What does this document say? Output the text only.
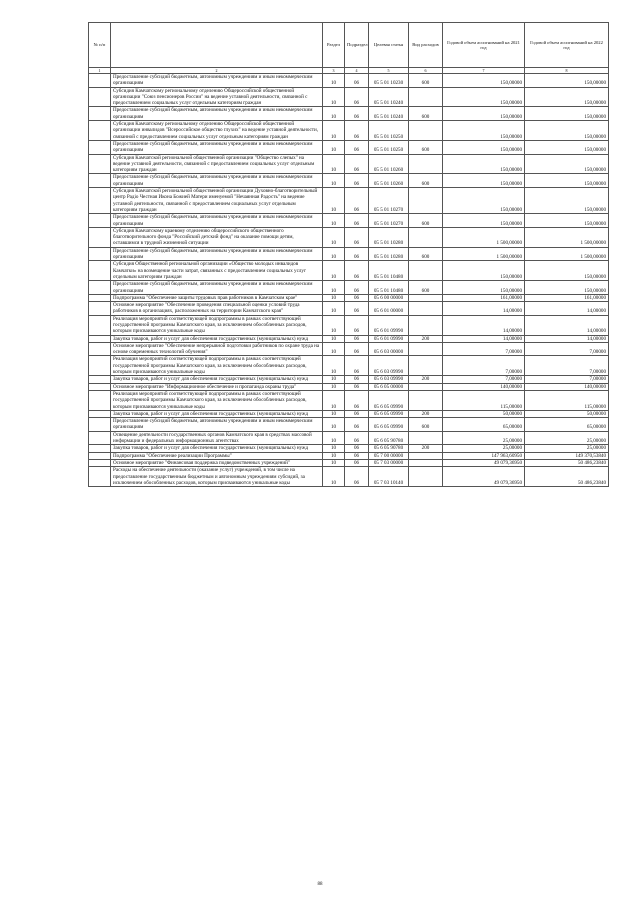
№ п/п		Раздел	Подраздел	Целевая статья	Вид расходов	Годовой объем ассигнований на 2021 год	Годовой объем ассигнований на 2022 год
1	2	3	4	5	6	7	8
	Предоставление субсидий бюджетным, автономным учреждениям и иным некоммерческим организациям	10	06	05 5 01 10230	600	150,00000	150,00000
	Субсидия Камчатскому региональному отделению Общероссийской общественной организации "Союз пенсионеров России" на ведение уставной деятельности, связанной с предоставлением социальных услуг отдельным категориям граждан	10	06	05 5 01 10240		150,00000	150,00000
	Предоставление субсидий бюджетным, автономным учреждениям и иным некоммерческим организациям	10	06	05 5 01 10240	600	150,00000	150,00000
	Субсидия Камчатскому региональному отделению Общероссийской общественной организации инвалидов "Всероссийское общество глухих" на ведение уставной деятельности, связанной с предоставлением социальных услуг отдельным категориям граждан	10	06	05 5 01 10250		150,00000	150,00000
	Предоставление субсидий бюджетным, автономным учреждениям и иным некоммерческим организациям	10	06	05 5 01 10250	600	150,00000	150,00000
	Субсидия Камчатской региональной общественной организации "Общество слепых" на ведение уставной деятельности, связанной с предоставлением социальных услуг отдельным категориям граждан	10	06	05 5 01 10260		150,00000	150,00000
	Предоставление субсидий бюджетным, автономным учреждениям и иным некоммерческим организациям	10	06	05 5 01 10260	600	150,00000	150,00000
	Субсидия Камчатской региональной общественной организации Духовно-благотворительный центр Радio Честная Икона Божией Матери именуемой "Нечаянная Радость" на ведение уставной деятельности, связанной с предоставлением социальных услуг отдельным категориям граждан	10	06	05 5 01 10270		150,00000	150,00000
	Предоставление субсидий бюджетным, автономным учреждениям и иным некоммерческим организациям	10	06	05 5 01 10270	600	150,00000	150,00000
	Субсидия Камчатскому краевому отделению общероссийского общественного благотворительного фонда "Российский детский фонд" на оказание помощи детям, оставшимся в трудной жизненной ситуации	10	06	05 5 01 10280		1 500,00000	1 500,00000
	Предоставление субсидий бюджетным, автономным учреждениям и иным некоммерческим организациям	10	06	05 5 01 10280	600	1 500,00000	1 500,00000
	Субсидия Общественной региональной организации «Общество молодых инвалидов Камчатки» на возмещение части затрат, связанных с предоставлением социальных услуг отдельным категориям граждан	10	06	05 5 01 10480		150,00000	150,00000
	Предоставление субсидий бюджетным, автономным учреждениям и иным некоммерческим организациям	10	06	05 5 01 10480	600	150,00000	150,00000
	Подпрограмма "Обеспечение защиты трудовых прав работников в Камчатском крае"	10	06	05 6 00 00000		161,00000	161,00000
	Основное мероприятие "Обеспечение проведения специальной оценки условий труда работников в организациях, расположенных на территории Камчатского края"	10	06	05 6 01 00000		14,00000	14,00000
	Реализация мероприятий соответствующей подпрограммы в рамках соответствующей государственной программы Камчатского края, за исключением обособленных расходов, которым присваиваются уникальные коды	10	06	05 6 01 09990		14,00000	14,00000
	Закупка товаров, работ и услуг для обеспечения государственных (муниципальных) нужд	10	06	05 6 01 09990	200	14,00000	14,00000
	Основное мероприятие "Обеспечение непрерывной подготовки работников по охране труда на основе современных технологий обучения"	10	06	05 6 03 00000		7,00000	7,00000
	Реализация мероприятий соответствующей подпрограммы в рамках соответствующей государственной программы Камчатского края, за исключением обособленных расходов, которым присваиваются уникальные коды	10	06	05 6 03 09990		7,00000	7,00000
	Закупка товаров, работ и услуг для обеспечения государственных (муниципальных) нужд	10	06	05 6 03 09990	200	7,00000	7,00000
	Основное мероприятие "Информационное обеспечение и пропаганда охраны труда"	10	06	05 6 05 00000		140,00000	140,00000
	Реализация мероприятий соответствующей подпрограммы в рамках соответствующей государственной программы Камчатского края, за исключением обособленных расходов, которым присваиваются уникальные коды	10	06	05 6 05 09990		115,00000	115,00000
	Закупка товаров, работ и услуг для обеспечения государственных (муниципальных) нужд	10	06	05 6 05 09990	200	50,00000	50,00000
	Предоставление субсидий бюджетным, автономным учреждениям и иным некоммерческим организациям	10	06	05 6 05 09990	600	65,00000	65,00000
	Освещение деятельности государственных органов Камчатского края в средствах массовой информации и федеральных информационных агентствах	10	06	05 6 05 90780		25,00000	25,00000
	Закупка товаров, работ и услуг для обеспечения государственных (муниципальных) нужд	10	06	05 6 05 90780	200	25,00000	25,00000
	Подпрограмма "Обеспечение реализации Программы"	10	06	05 7 00 00000		147 963,60950	149 370,53840
	Основное мероприятие "Финансовая поддержка подведомственных учреждений"	10	06	05 7 03 00000		49 079,36950	50 486,23840
	Расходы на обеспечение деятельности (оказание услуг) учреждений, в том числе на предоставление государственным бюджетным и автономным учреждениям субсидий, за исключением обособленных расходов, которым присваиваются уникальные коды	10	06	05 7 03 10140		49 079,36950	50 486,23840
88
